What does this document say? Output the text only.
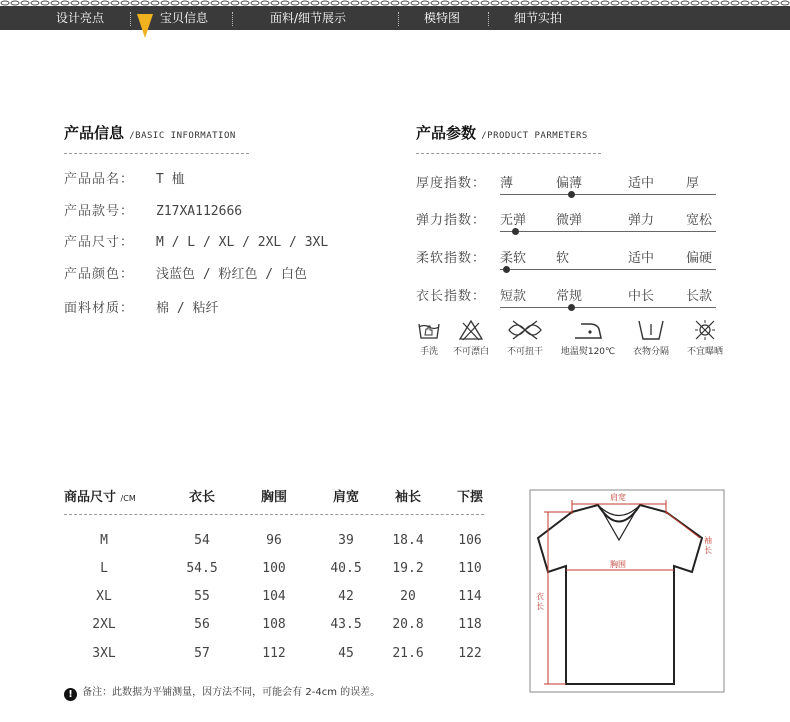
设计亮点	宝贝信息	面料/细节展示	模特图	细节实拍
产品信息 /BASIC INFORMATION
产品品名： T 桖
产品款号： Z17XA112666
产品尺寸： M / L / XL / 2XL / 3XL
产品颜色： 浅蓝色 / 粉红色 / 白色
面料材质： 棉 / 粘纤
产品参数 /PRODUCT PARMETERS
厚度指数：	薄	偏薄	适中 厚
弹力指数：	无弹 微弹	弹力 宽松
柔软指数：	柔软 软	适中 偏硬
衣长指数：	短款 常规	中长 长款
手洗	不可漂白	不可扭干	地温熨120℃	衣物分隔	不宜曝晒
商品尺寸 /CM	衣长	胸围	肩宽	袖长	下摆
M	54	96	39	18.4	106
L	54.5	100	40.5	19.2	110
XL	55	104	42	20	114
2XL	56	108	43.5	20.8	118
3XL	57	112	45	21.6	122
! 备注：此数据为平铺测量，因方法不同，可能会有 2-4cm 的误差。
肩宽
胸围
袖长
衣长
